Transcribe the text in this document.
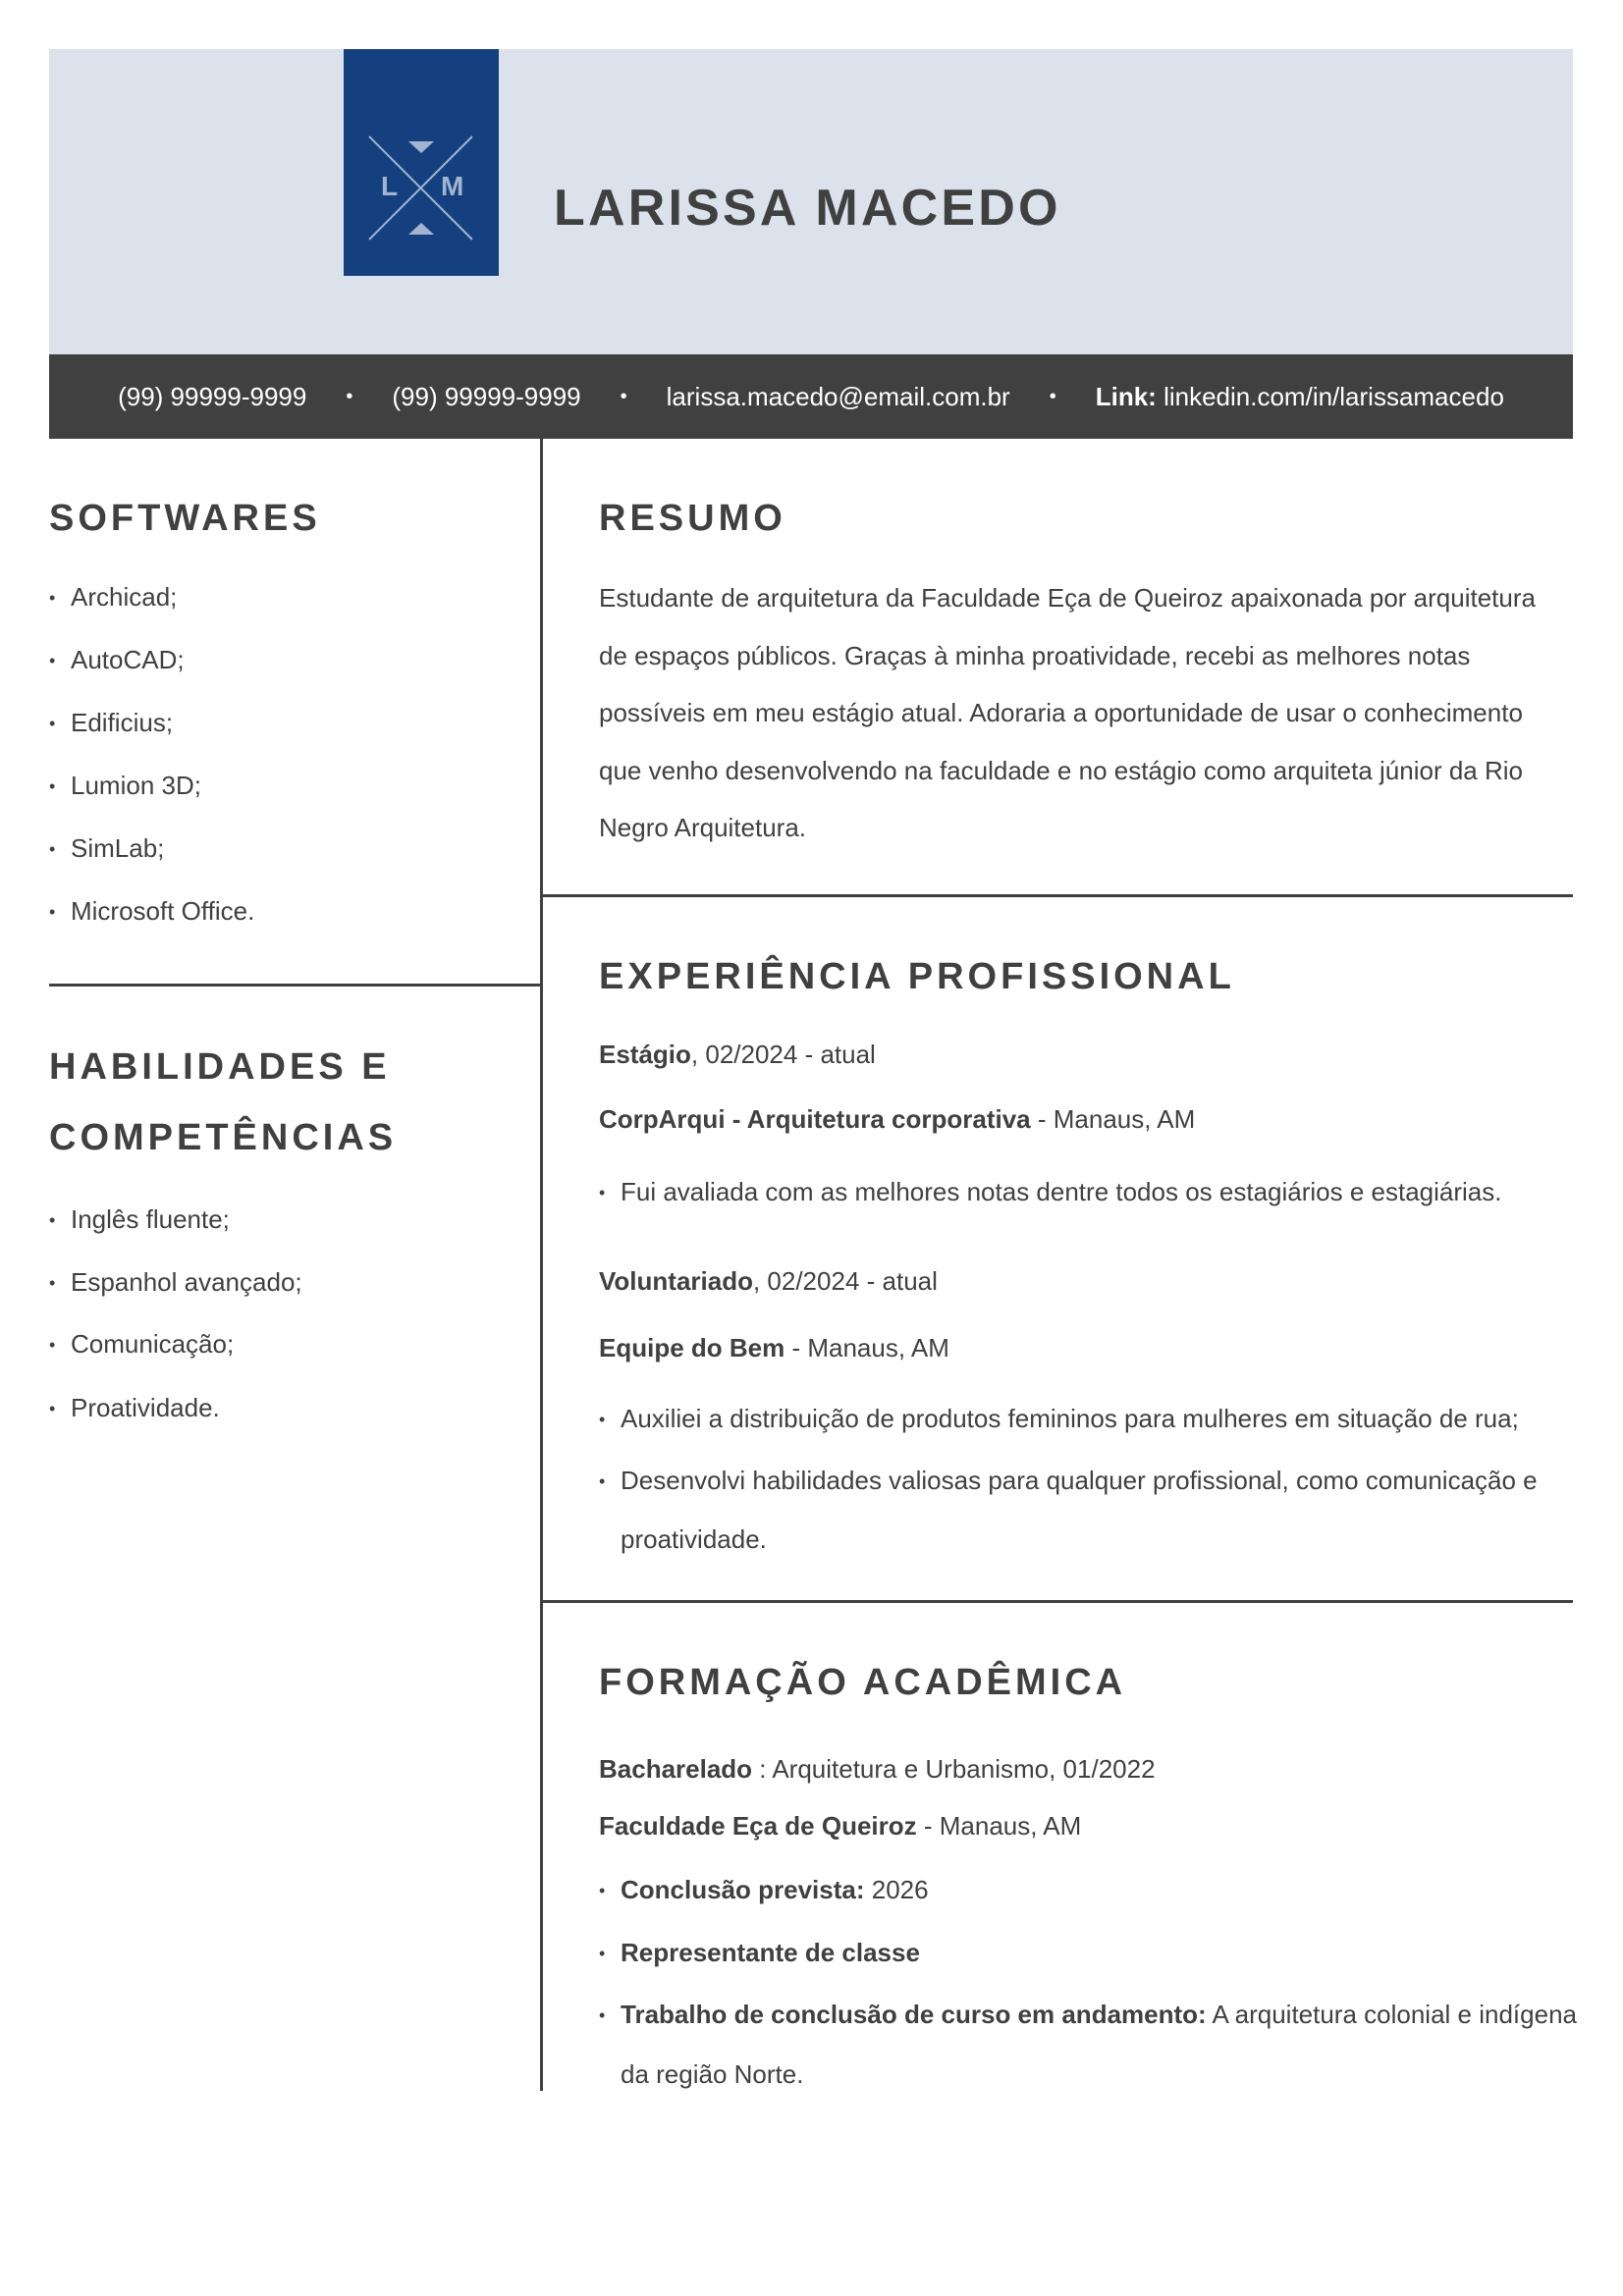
L M LARISSA MACEDO
(99) 99999-9999 • (99) 99999-9999 • larissa.macedo@email.com.br • Link: linkedin.com/in/larissamacedo
SOFTWARES
• Archicad;
• AutoCAD;
• Edificius;
• Lumion 3D;
• SimLab;
• Microsoft Office.
HABILIDADES E
COMPETÊNCIAS
• Inglês fluente;
• Espanhol avançado;
• Comunicação;
• Proatividade.
RESUMO
Estudante de arquitetura da Faculdade Eça de Queiroz apaixonada por arquitetura de espaços públicos. Graças à minha proatividade, recebi as melhores notas possíveis em meu estágio atual. Adoraria a oportunidade de usar o conhecimento que venho desenvolvendo na faculdade e no estágio como arquiteta júnior da Rio Negro Arquitetura.
EXPERIÊNCIA PROFISSIONAL
Estágio, 02/2024 - atual
CorpArqui - Arquitetura corporativa - Manaus, AM
• Fui avaliada com as melhores notas dentre todos os estagiários e estagiárias.
Voluntariado, 02/2024 - atual
Equipe do Bem - Manaus, AM
• Auxiliei a distribuição de produtos femininos para mulheres em situação de rua;
• Desenvolvi habilidades valiosas para qualquer profissional, como comunicação e proatividade.
FORMAÇÃO ACADÊMICA
Bacharelado : Arquitetura e Urbanismo, 01/2022
Faculdade Eça de Queiroz - Manaus, AM
• Conclusão prevista: 2026
• Representante de classe
• Trabalho de conclusão de curso em andamento: A arquitetura colonial e indígena da região Norte.
